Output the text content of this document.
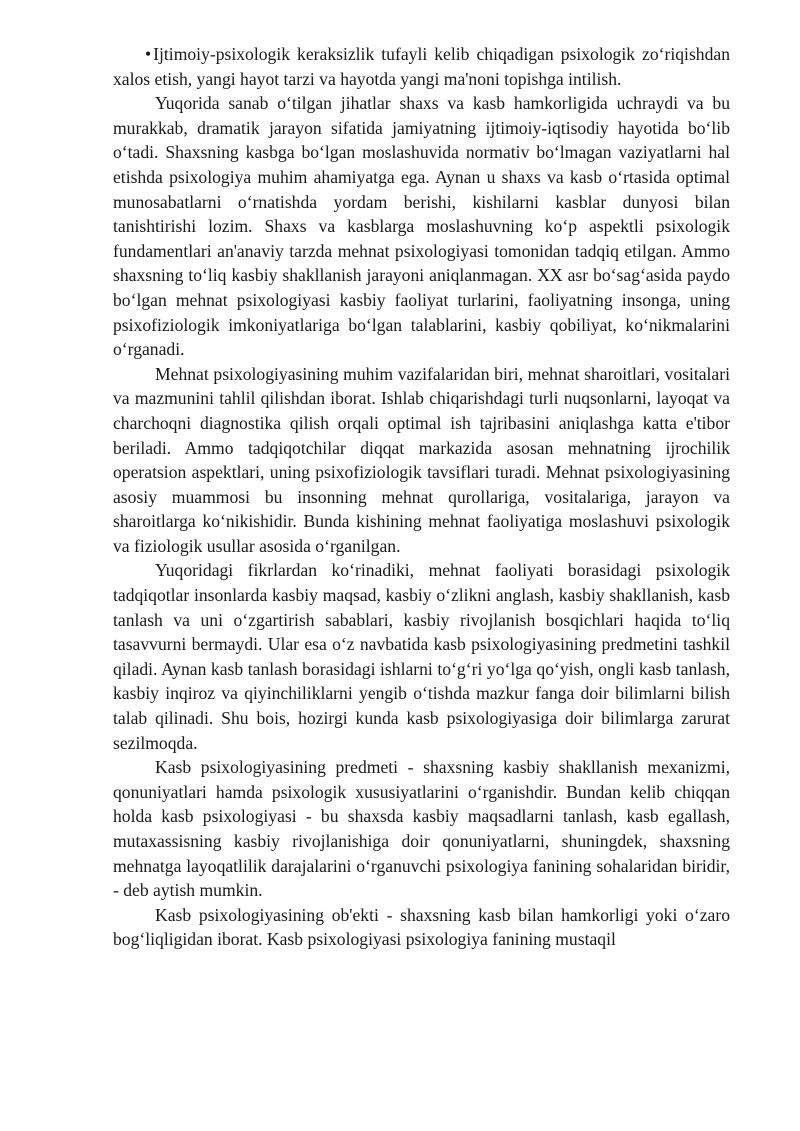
• Ijtimoiy-psixologik keraksizlik tufayli kelib chiqadigan psixologik zo‘riqishdan xalos etish, yangi hayot tarzi va hayotda yangi ma'noni topishga intilish.

Yuqorida sanab o‘tilgan jihatlar shaxs va kasb hamkorligida uchraydi va bu murakkab, dramatik jarayon sifatida jamiyatning ijtimoiy-iqtisodiy hayotida bo‘lib o‘tadi. Shaxsning kasbga bo‘lgan moslashuvida normativ bo‘lmagan vaziyatlarni hal etishda psixologiya muhim ahamiyatga ega. Aynan u shaxs va kasb o‘rtasida optimal munosabatlarni o‘rnatishda yordam berishi, kishilarni kasblar dunyosi bilan tanishtirishi lozim. Shaxs va kasblarga moslashuvning ko‘p aspektli psixologik fundamentlari an'anaviy tarzda mehnat psixologiyasi tomonidan tadqiq etilgan. Ammo shaxsning to‘liq kasbiy shakllanish jarayoni aniqlanmagan. XX asr bo‘sag‘asida paydo bo‘lgan mehnat psixologiyasi kasbiy faoliyat turlarini, faoliyatning insonga, uning psixofiziologik imkoniyatlariga bo‘lgan talablarini, kasbiy qobiliyat, ko‘nikmalarini o‘rganadi.

Mehnat psixologiyasining muhim vazifalaridan biri, mehnat sharoitlari, vositalari va mazmunini tahlil qilishdan iborat. Ishlab chiqarishdagi turli nuqsonlarni, layoqat va charchoqni diagnostika qilish orqali optimal ish tajribasini aniqlashga katta e'tibor beriladi. Ammo tadqiqotchilar diqqat markazida asosan mehnatning ijrochilik operatsion aspektlari, uning psixofiziologik tavsiflari turadi. Mehnat psixologiyasining asosiy muammosi bu insonning mehnat qurollariga, vositalariga, jarayon va sharoitlarga ko‘nikishidir. Bunda kishining mehnat faoliyatiga moslashuvi psixologik va fiziologik usullar asosida o‘rganilgan.

Yuqoridagi fikrlardan ko‘rinadiki, mehnat faoliyati borasidagi psixologik tadqiqotlar insonlarda kasbiy maqsad, kasbiy o‘zlikni anglash, kasbiy shakllanish, kasb tanlash va uni o‘zgartirish sabablari, kasbiy rivojlanish bosqichlari haqida to‘liq tasavvurni bermaydi. Ular esa o‘z navbatida kasb psixologiyasining predmetini tashkil qiladi. Aynan kasb tanlash borasidagi ishlarni to‘g‘ri yo‘lga qo‘yish, ongli kasb tanlash, kasbiy inqiroz va qiyinchiliklarni yengib o‘tishda mazkur fanga doir bilimlarni bilish talab qilinadi. Shu bois, hozirgi kunda kasb psixologiyasiga doir bilimlarga zarurat sezilmoqda.

Kasb psixologiyasining predmeti - shaxsning kasbiy shakllanish mexanizmi, qonuniyatlari hamda psixologik xususiyatlarini o‘rganishdir. Bundan kelib chiqqan holda kasb psixologiyasi - bu shaxsda kasbiy maqsadlarni tanlash, kasb egallash, mutaxassisning kasbiy rivojlanishiga doir qonuniyatlarni, shuningdek, shaxsning mehnatga layoqatlilik darajalarini o‘rganuvchi psixologiya fanining sohalaridan biridir, - deb aytish mumkin.

Kasb psixologiyasining ob'ekti - shaxsning kasb bilan hamkorligi yoki o‘zaro bog‘liqligidan iborat. Kasb psixologiyasi psixologiya fanining mustaqil
